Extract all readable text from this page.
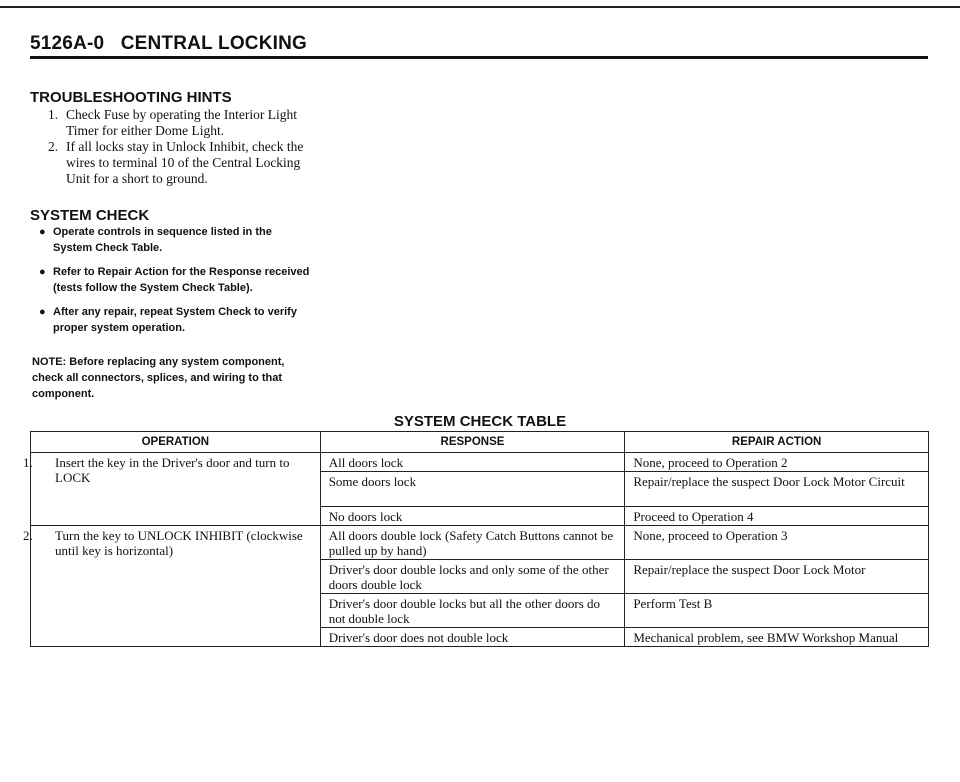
5126A-0   CENTRAL LOCKING
TROUBLESHOOTING HINTS
1. Check Fuse by operating the Interior Light Timer for either Dome Light.
2. If all locks stay in Unlock Inhibit, check the wires to terminal 10 of the Central Locking Unit for a short to ground.
SYSTEM CHECK
● Operate controls in sequence listed in the System Check Table.
● Refer to Repair Action for the Response received (tests follow the System Check Table).
● After any repair, repeat System Check to verify proper system operation.

NOTE: Before replacing any system component, check all connectors, splices, and wiring to that component.

SYSTEM CHECK TABLE
OPERATION	RESPONSE	REPAIR ACTION

1. Insert the key in the Driver's door and turn to LOCK	All doors lock	None, proceed to Operation 2
	Some doors lock	Repair/replace the suspect Door Lock Motor Circuit
	No doors lock	Proceed to Operation 4

2. Turn the key to UNLOCK INHIBIT (clockwise until key is horizontal)	All doors double lock (Safety Catch Buttons cannot be pulled up by hand)	None, proceed to Operation 3
	Driver's door double locks and only some of the other doors double lock	Repair/replace the suspect Door Lock Motor
	Driver's door double locks but all the other doors do not double lock	Perform Test B
	Driver's door does not double lock	Mechanical problem, see BMW Workshop Manual
